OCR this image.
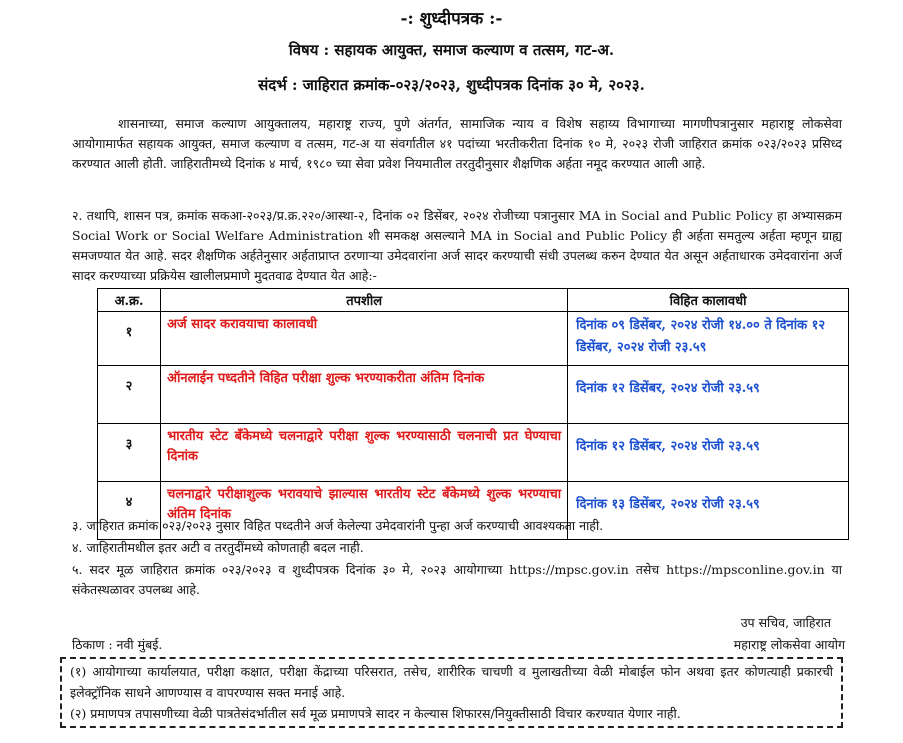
-: शुध्दीपत्रक :-
विषय : सहायक आयुक्त, समाज कल्याण व तत्सम, गट-अ.
संदर्भ : जाहिरात क्रमांक-०२३/२०२३, शुध्दीपत्रक दिनांक ३० मे, २०२३.
शासनाच्या, समाज कल्याण आयुक्तालय, महाराष्ट्र राज्य, पुणे अंतर्गत, सामाजिक न्याय व विशेष सहाय्य विभागाच्या मागणीपत्रानुसार महाराष्ट्र लोकसेवा आयोगामार्फत सहायक आयुक्त, समाज कल्याण व तत्सम, गट-अ या संवर्गातील ४१ पदांच्या भरतीकरीता दिनांक १० मे, २०२३ रोजी जाहिरात क्रमांक ०२३/२०२३ प्रसिध्द करण्यात आली होती. जाहिरातीमध्ये दिनांक ४ मार्च, १९८० च्या सेवा प्रवेश नियमातील तरतुदीनुसार शैक्षणिक अर्हता नमूद करण्यात आली आहे.
२. तथापि, शासन पत्र, क्रमांक सकआ-२०२३/प्र.क्र.२२०/आस्था-२, दिनांक ०२ डिसेंबर, २०२४ रोजीच्या पत्रानुसार MA in Social and Public Policy हा अभ्यासक्रम Social Work or Social Welfare Administration शी समकक्ष असल्याने MA in Social and Public Policy ही अर्हता समतुल्य अर्हता म्हणून ग्राह्य समजण्यात येत आहे. सदर शैक्षणिक अर्हतेनुसार अर्हताप्राप्त ठरणाऱ्या उमेदवारांना अर्ज सादर करण्याची संधी उपलब्ध करुन देण्यात येत असून अर्हताधारक उमेदवारांना अर्ज सादर करण्याच्या प्रक्रियेस खालीलप्रमाणे मुदतवाढ देण्यात येत आहे:-
अ.क्र.	तपशील	विहित कालावधी
१	अर्ज सादर करावयाचा कालावधी	दिनांक ०९ डिसेंबर, २०२४ रोजी १४.०० ते दिनांक १२ डिसेंबर, २०२४ रोजी २३.५९
२	ऑनलाईन पध्दतीने विहित परीक्षा शुल्क भरण्याकरीता अंतिम दिनांक	दिनांक १२ डिसेंबर, २०२४ रोजी २३.५९
३	भारतीय स्टेट बँकेमध्ये चलनाद्वारे परीक्षा शुल्क भरण्यासाठी चलनाची प्रत घेण्याचा दिनांक	दिनांक १२ डिसेंबर, २०२४ रोजी २३.५९
४	चलनाद्वारे परीक्षाशुल्क भरावयाचे झाल्यास भारतीय स्टेट बँकेमध्ये शुल्क भरण्याचा अंतिम दिनांक	दिनांक १३ डिसेंबर, २०२४ रोजी २३.५९
३. जाहिरात क्रमांक ०२३/२०२३ नुसार विहित पध्दतीने अर्ज केलेल्या उमेदवारांनी पुन्हा अर्ज करण्याची आवश्यकता नाही.
४. जाहिरातीमधील इतर अटी व तरतुदींमध्ये कोणताही बदल नाही.
५. सदर मूळ जाहिरात क्रमांक ०२३/२०२३ व शुध्दीपत्रक दिनांक ३० मे, २०२३ आयोगाच्या https://mpsc.gov.in तसेच https://mpsconline.gov.in या संकेतस्थळावर उपलब्ध आहे.
उप सचिव, जाहिरात
ठिकाण : नवी मुंबई.	महाराष्ट्र लोकसेवा आयोग
(१) आयोगाच्या कार्यालयात, परीक्षा कक्षात, परीक्षा केंद्राच्या परिसरात, तसेच, शारीरिक चाचणी व मुलाखतीच्या वेळी मोबाईल फोन अथवा इतर कोणत्याही प्रकारची इलेक्ट्रॉनिक साधने आणण्यास व वापरण्यास सक्त मनाई आहे.
(२) प्रमाणपत्र तपासणीच्या वेळी पात्रतेसंदर्भातील सर्व मूळ प्रमाणपत्रे सादर न केल्यास शिफारस/नियुक्तीसाठी विचार करण्यात येणार नाही.
